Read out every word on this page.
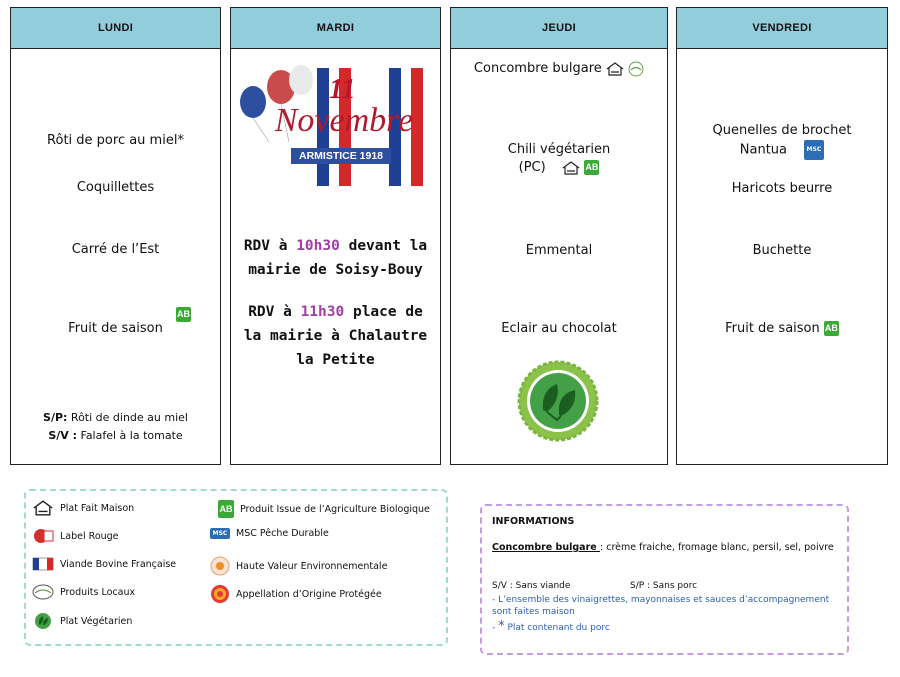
LUNDI
Rôti de porc au miel*
Coquillettes
Carré de l’Est
Fruit de saison
AB
S/P: Rôti de dinde au miel
S/V : Falafel à la tomate
MARDI
11
Novembre
ARMISTICE 1918
RDV à 10h30 devant la mairie de Soisy-Bouy
RDV à 11h30 place de la mairie à Chalautre la Petite
JEUDI
Concombre bulgare
Chili végétarien
(PC)	AB
Emmental
Eclair au chocolat
VENDREDI
Quenelles de brochet
Nantua	MSC
Haricots beurre
Buchette
Fruit de saison AB
Plat Fait Maison
Label Rouge
Viande Bovine Française
Produits Locaux
Plat Végétarien
AB Produit Issue de l’Agriculture Biologique
MSC MSC Pêche Durable
Haute Valeur Environnementale
Appellation d’Origine Protégée
INFORMATIONS
Concombre bulgare : crème fraiche, fromage blanc, persil, sel, poivre
S/V : Sans viande	S/P : Sans porc
- L’ensemble des vinaigrettes, mayonnaises et sauces d’accompagnement sont faites maison
- * Plat contenant du porc
